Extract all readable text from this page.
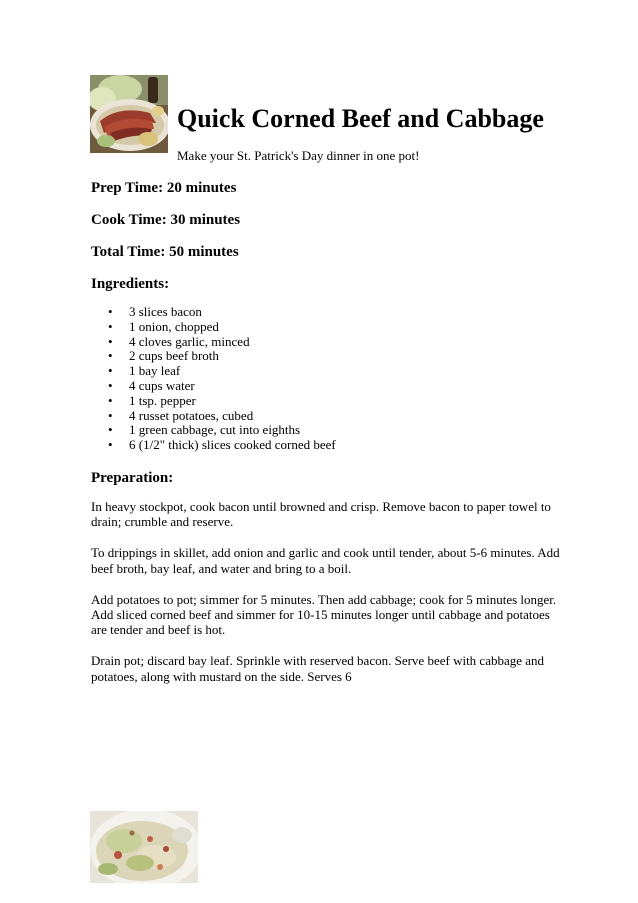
Quick Corned Beef and Cabbage

Make your St. Patrick's Day dinner in one pot!

Prep Time: 20 minutes

Cook Time: 30 minutes

Total Time: 50 minutes

Ingredients:
• 3 slices bacon
• 1 onion, chopped
• 4 cloves garlic, minced
• 2 cups beef broth
• 1 bay leaf
• 4 cups water
• 1 tsp. pepper
• 4 russet potatoes, cubed
• 1 green cabbage, cut into eighths
• 6 (1/2" thick) slices cooked corned beef
Preparation:

In heavy stockpot, cook bacon until browned and crisp. Remove bacon to paper towel to drain; crumble and reserve.

To drippings in skillet, add onion and garlic and cook until tender, about 5-6 minutes. Add beef broth, bay leaf, and water and bring to a boil.

Add potatoes to pot; simmer for 5 minutes. Then add cabbage; cook for 5 minutes longer. Add sliced corned beef and simmer for 10-15 minutes longer until cabbage and potatoes are tender and beef is hot.

Drain pot; discard bay leaf. Sprinkle with reserved bacon. Serve beef with cabbage and potatoes, along with mustard on the side. Serves 6
